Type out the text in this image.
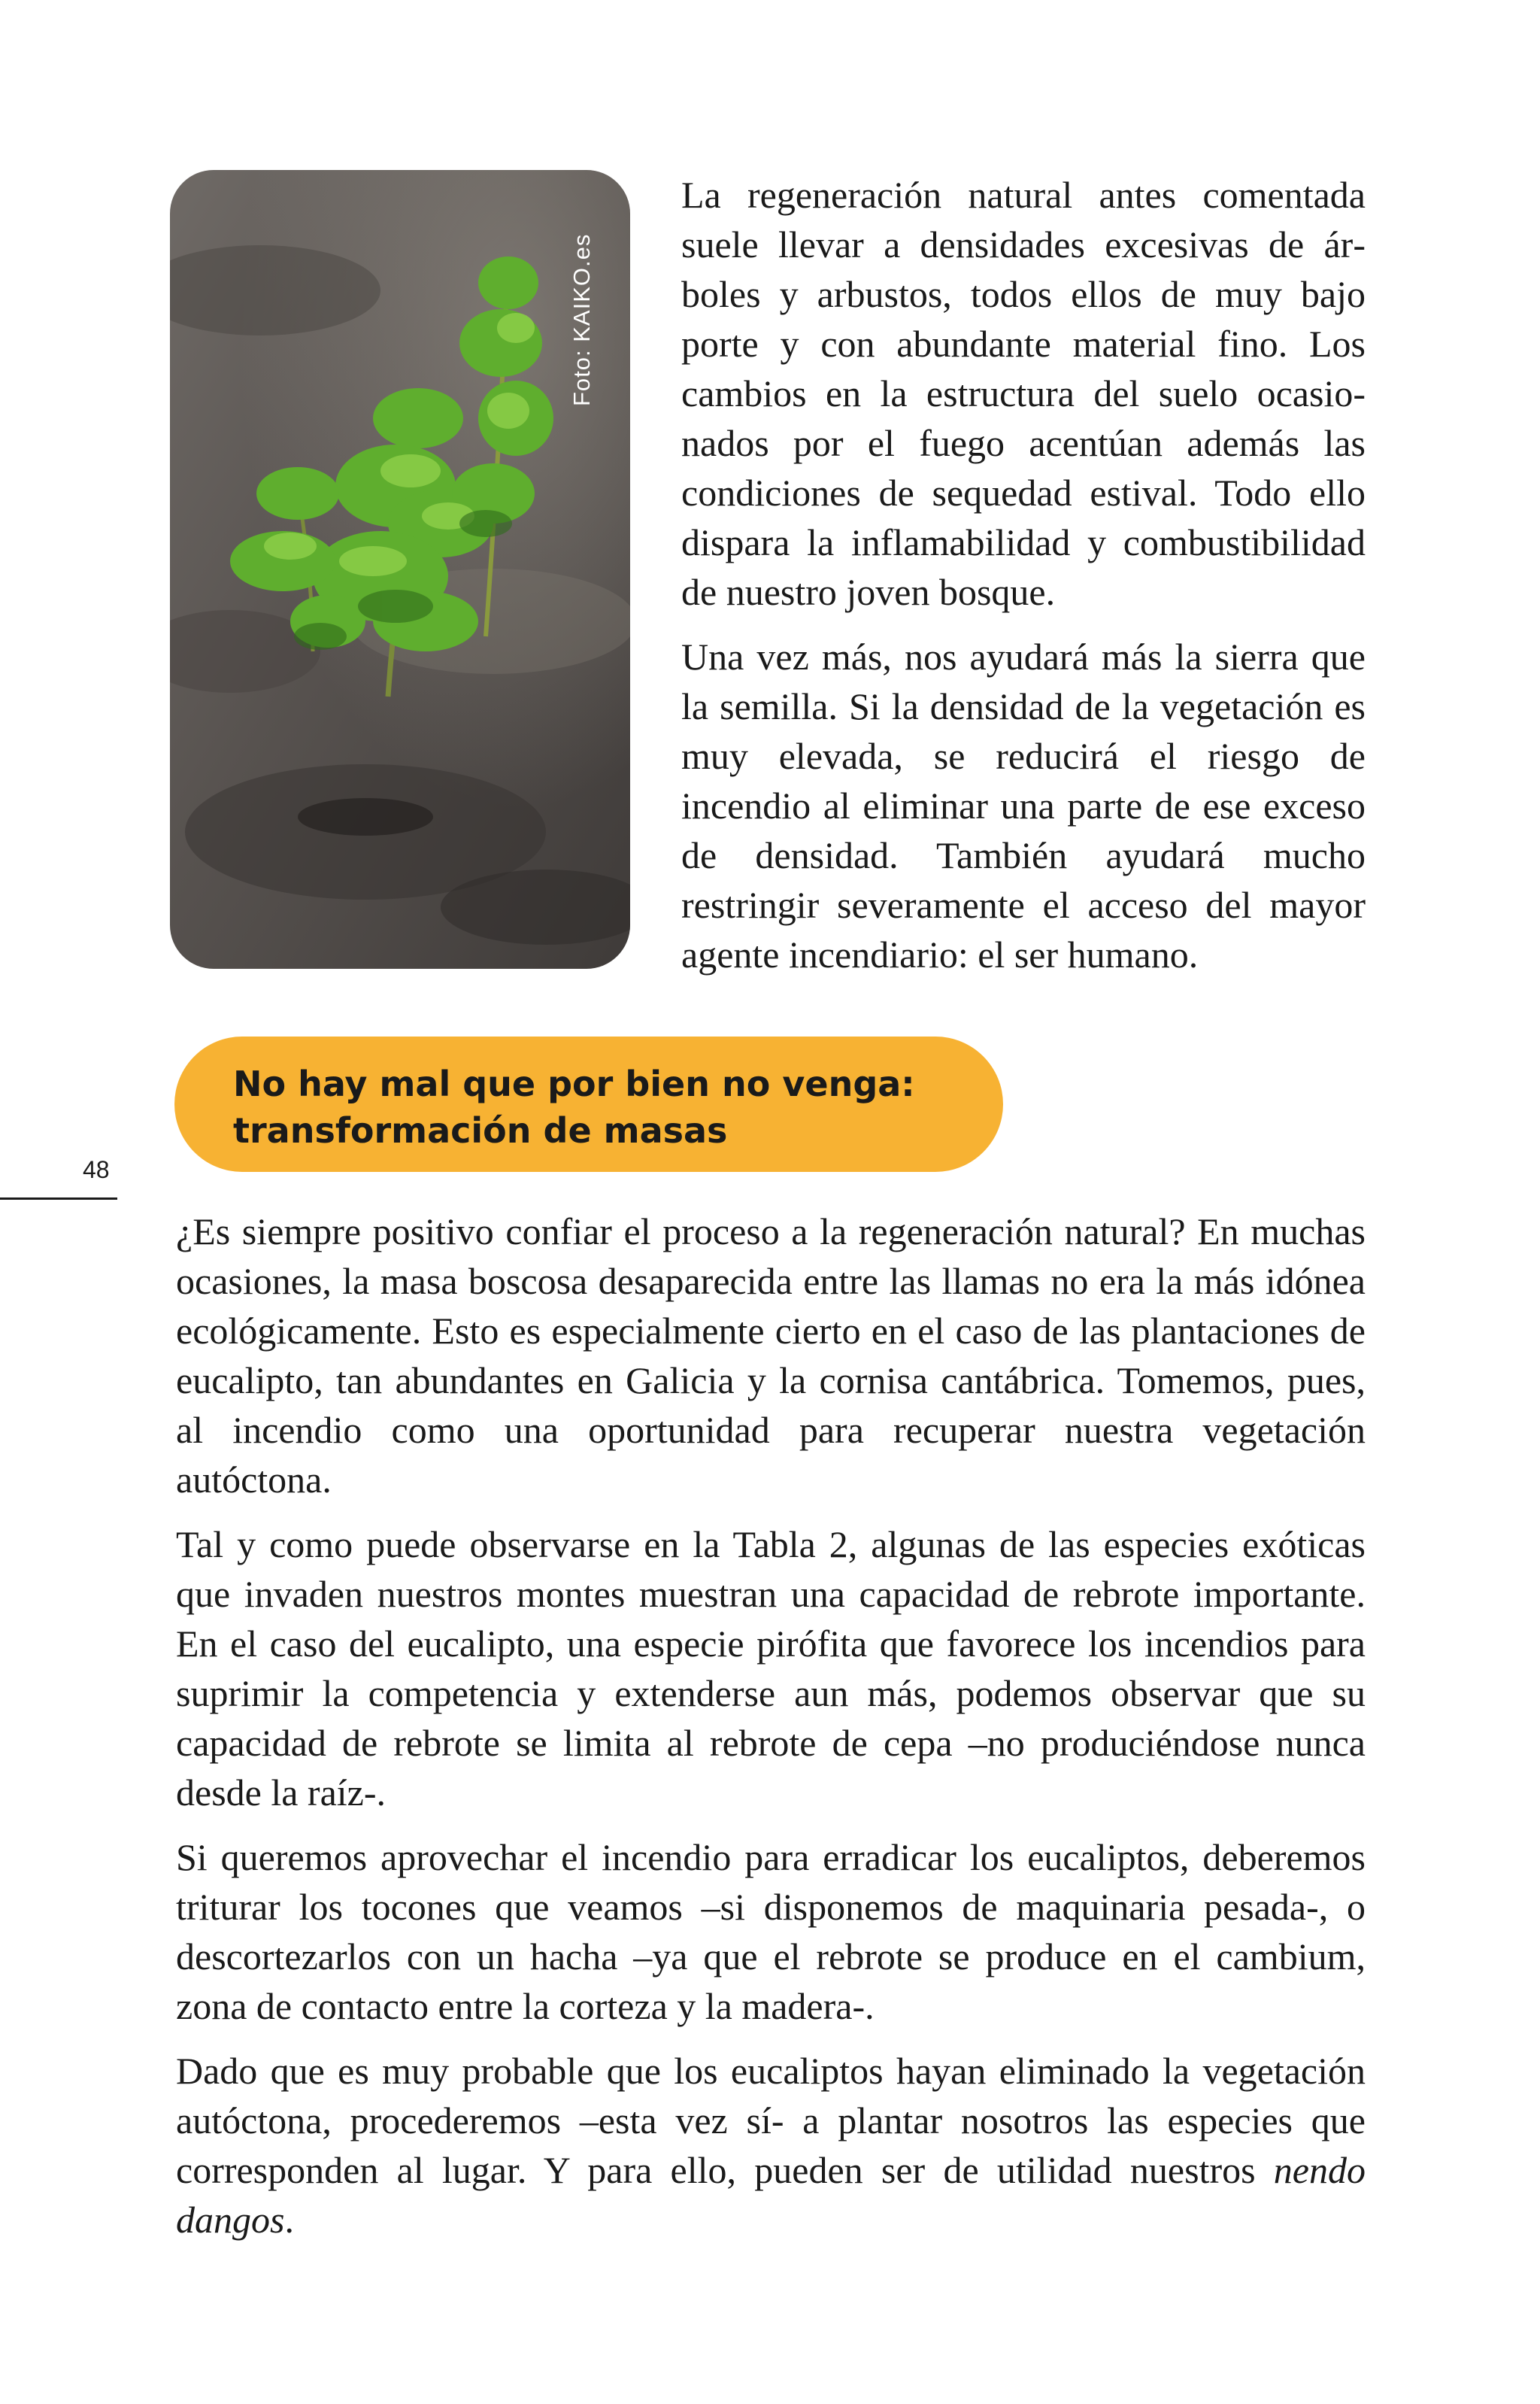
Foto: KAIKO.es

La regeneración natural antes comentada suele llevar a densidades excesivas de árboles y arbustos, todos ellos de muy bajo porte y con abundante material fino. Los cambios en la estructura del suelo ocasionados por el fuego acentúan además las condiciones de sequedad estival. Todo ello dispara la inflamabilidad y combustibilidad de nuestro joven bosque.

Una vez más, nos ayudará más la sierra que la semilla. Si la densidad de la vegetación es muy elevada, se reducirá el riesgo de incendio al eliminar una parte de ese exceso de densidad. También ayudará mucho restringir severamente el acceso del mayor agente incendiario: el ser humano.

No hay mal que por bien no venga:
transformación de masas
48

¿Es siempre positivo confiar el proceso a la regeneración natural? En muchas ocasiones, la masa boscosa desaparecida entre las llamas no era la más idónea ecológicamente. Esto es especialmente cierto en el caso de las plantaciones de eucalipto, tan abundantes en Galicia y la cornisa cantábrica. Tomemos, pues, al incendio como una oportunidad para recuperar nuestra vegetación autóctona.

Tal y como puede observarse en la Tabla 2, algunas de las especies exóticas que invaden nuestros montes muestran una capacidad de rebrote importante. En el caso del eucalipto, una especie pirófita que favorece los incendios para suprimir la competencia y extenderse aun más, podemos observar que su capacidad de rebrote se limita al rebrote de cepa –no produciéndose nunca desde la raíz-.

Si queremos aprovechar el incendio para erradicar los eucaliptos, deberemos triturar los tocones que veamos –si disponemos de maquinaria pesada-, o descortezarlos con un hacha –ya que el rebrote se produce en el cambium, zona de contacto entre la corteza y la madera-.

Dado que es muy probable que los eucaliptos hayan eliminado la vegetación autóctona, procederemos –esta vez sí- a plantar nosotros las especies que corresponden al lugar. Y para ello, pueden ser de utilidad nuestros nendo dangos.
